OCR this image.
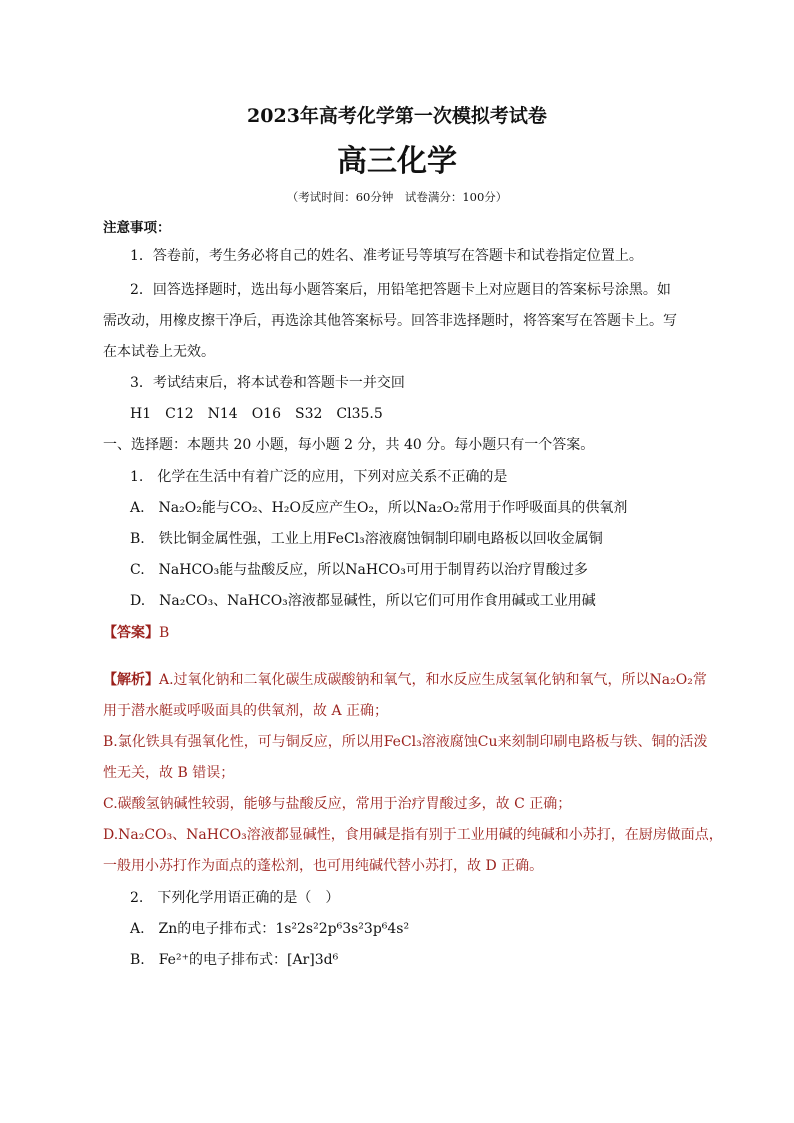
2023年高考化学第一次模拟考试卷
高三化学
（考试时间：60分钟　试卷满分：100分）
注意事项：
1．答卷前，考生务必将自己的姓名、准考证号等填写在答题卡和试卷指定位置上。
2．回答选择题时，选出每小题答案后，用铅笔把答题卡上对应题目的答案标号涂黑。如
需改动，用橡皮擦干净后，再选涂其他答案标号。回答非选择题时，将答案写在答题卡上。写
在本试卷上无效。
3．考试结束后，将本试卷和答题卡一并交回
H1　C12　N14　O16　S32　Cl35.5
一、选择题：本题共 20 小题，每小题 2 分，共 40 分。每小题只有一个答案。
1.　化学在生活中有着广泛的应用，下列对应关系不正确的是
A.　Na₂O₂能与CO₂、H₂O反应产生O₂，所以Na₂O₂常用于作呼吸面具的供氧剂
B.　铁比铜金属性强，工业上用FeCl₃溶液腐蚀铜制印刷电路板以回收金属铜
C.　NaHCO₃能与盐酸反应，所以NaHCO₃可用于制胃药以治疗胃酸过多
D.　Na₂CO₃、NaHCO₃溶液都显碱性，所以它们可用作食用碱或工业用碱
【答案】B
【解析】A.过氧化钠和二氧化碳生成碳酸钠和氧气，和水反应生成氢氧化钠和氧气，所以Na₂O₂常
用于潜水艇或呼吸面具的供氧剂，故 A 正确；
B.氯化铁具有强氧化性，可与铜反应，所以用FeCl₃溶液腐蚀Cu来刻制印刷电路板与铁、铜的活泼
性无关，故 B 错误；
C.碳酸氢钠碱性较弱，能够与盐酸反应，常用于治疗胃酸过多，故 C 正确；
D.Na₂CO₃、NaHCO₃溶液都显碱性，食用碱是指有别于工业用碱的纯碱和小苏打，在厨房做面点，
一般用小苏打作为面点的蓬松剂，也可用纯碱代替小苏打，故 D 正确。
2.　下列化学用语正确的是（　）
A.　Zn的电子排布式：1s²2s²2p⁶3s²3p⁶4s²
B.　Fe²⁺的电子排布式：[Ar]3d⁶
